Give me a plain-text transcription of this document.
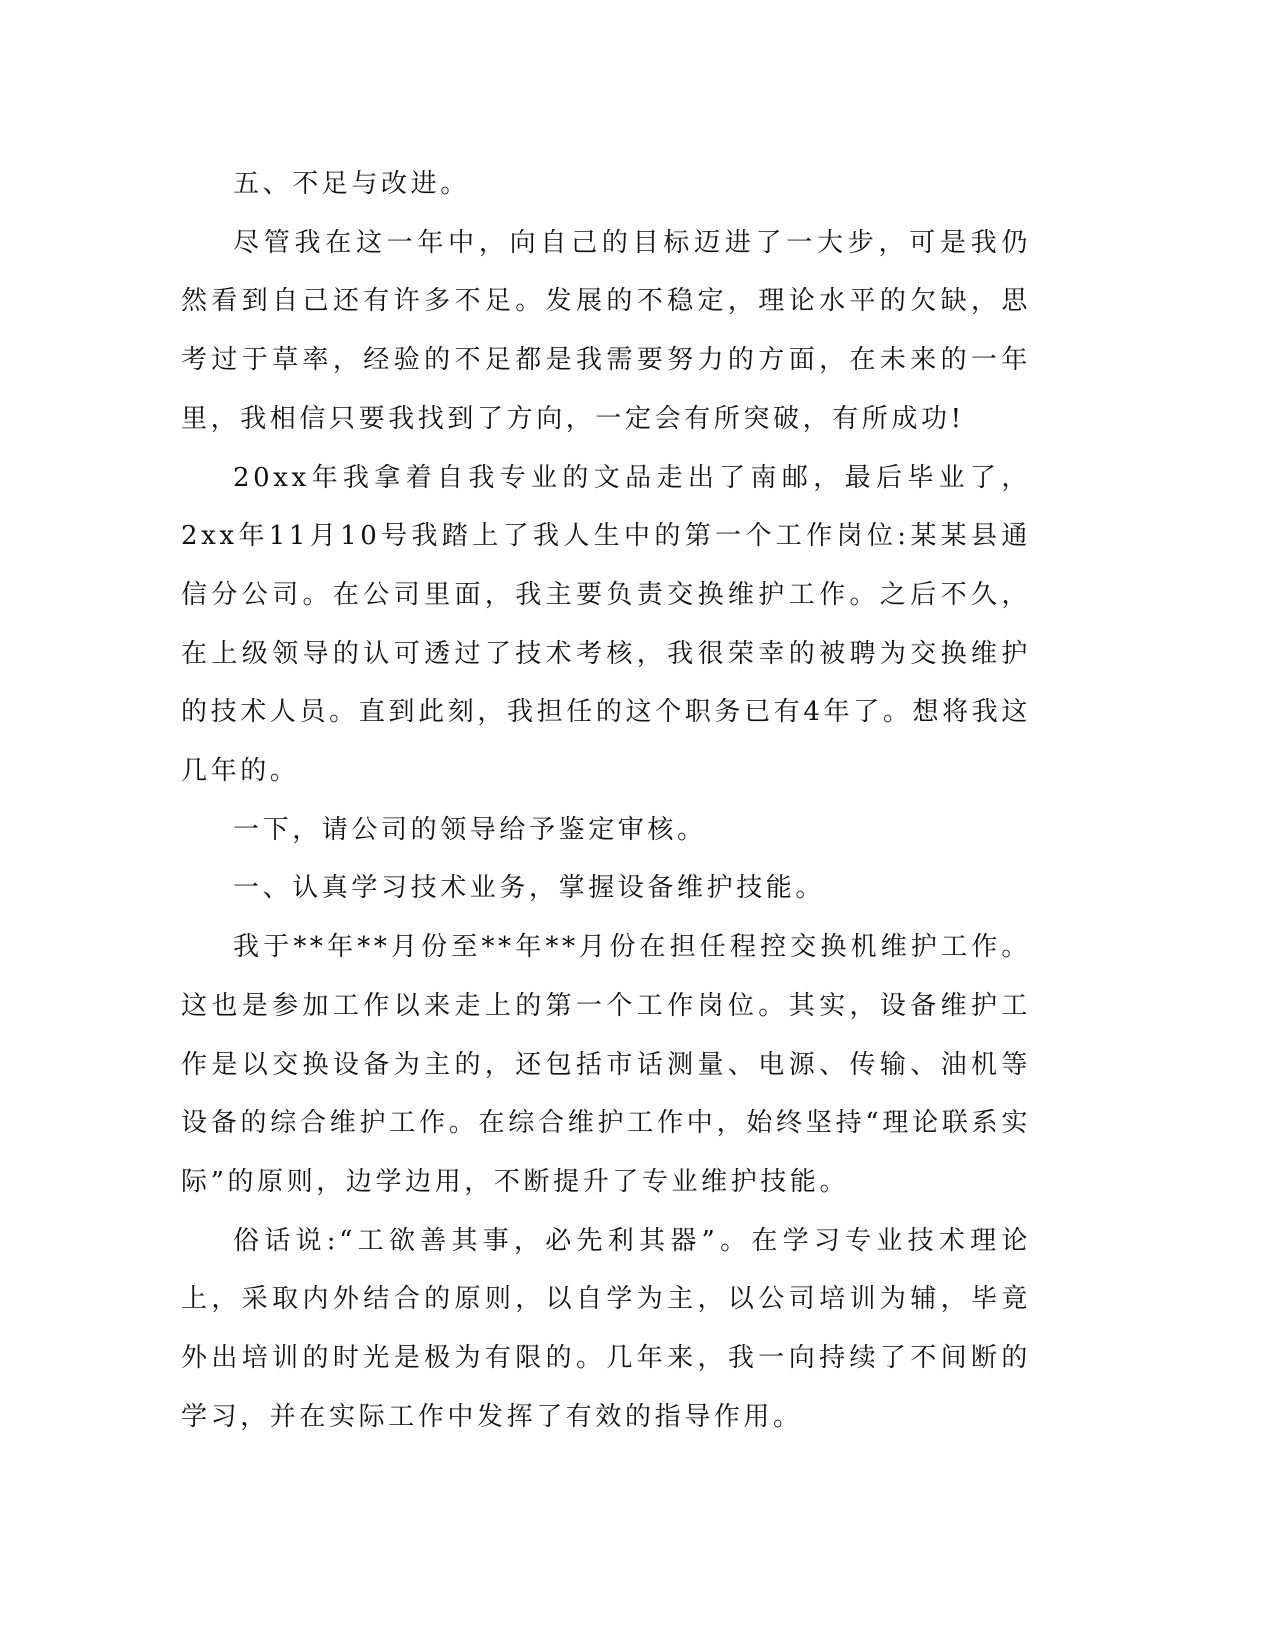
五、不足与改进。

尽管我在这一年中，向自己的目标迈进了一大步，可是我仍然看到自己还有许多不足。发展的不稳定，理论水平的欠缺，思考过于草率，经验的不足都是我需要努力的方面，在未来的一年里，我相信只要我找到了方向，一定会有所突破，有所成功!

20xx年我拿着自我专业的文品走出了南邮，最后毕业了，2xx年11月10号我踏上了我人生中的第一个工作岗位:某某县通信分公司。在公司里面，我主要负责交换维护工作。之后不久，在上级领导的认可透过了技术考核，我很荣幸的被聘为交换维护的技术人员。直到此刻，我担任的这个职务已有4年了。想将我这几年的。

一下，请公司的领导给予鉴定审核。

一、认真学习技术业务，掌握设备维护技能。

我于**年**月份至**年**月份在担任程控交换机维护工作。这也是参加工作以来走上的第一个工作岗位。其实，设备维护工作是以交换设备为主的，还包括市话测量、电源、传输、油机等设备的综合维护工作。在综合维护工作中，始终坚持“理论联系实际”的原则，边学边用，不断提升了专业维护技能。

俗话说:“工欲善其事，必先利其器”。在学习专业技术理论上，采取内外结合的原则，以自学为主，以公司培训为辅，毕竟外出培训的时光是极为有限的。几年来，我一向持续了不间断的学习，并在实际工作中发挥了有效的指导作用。
